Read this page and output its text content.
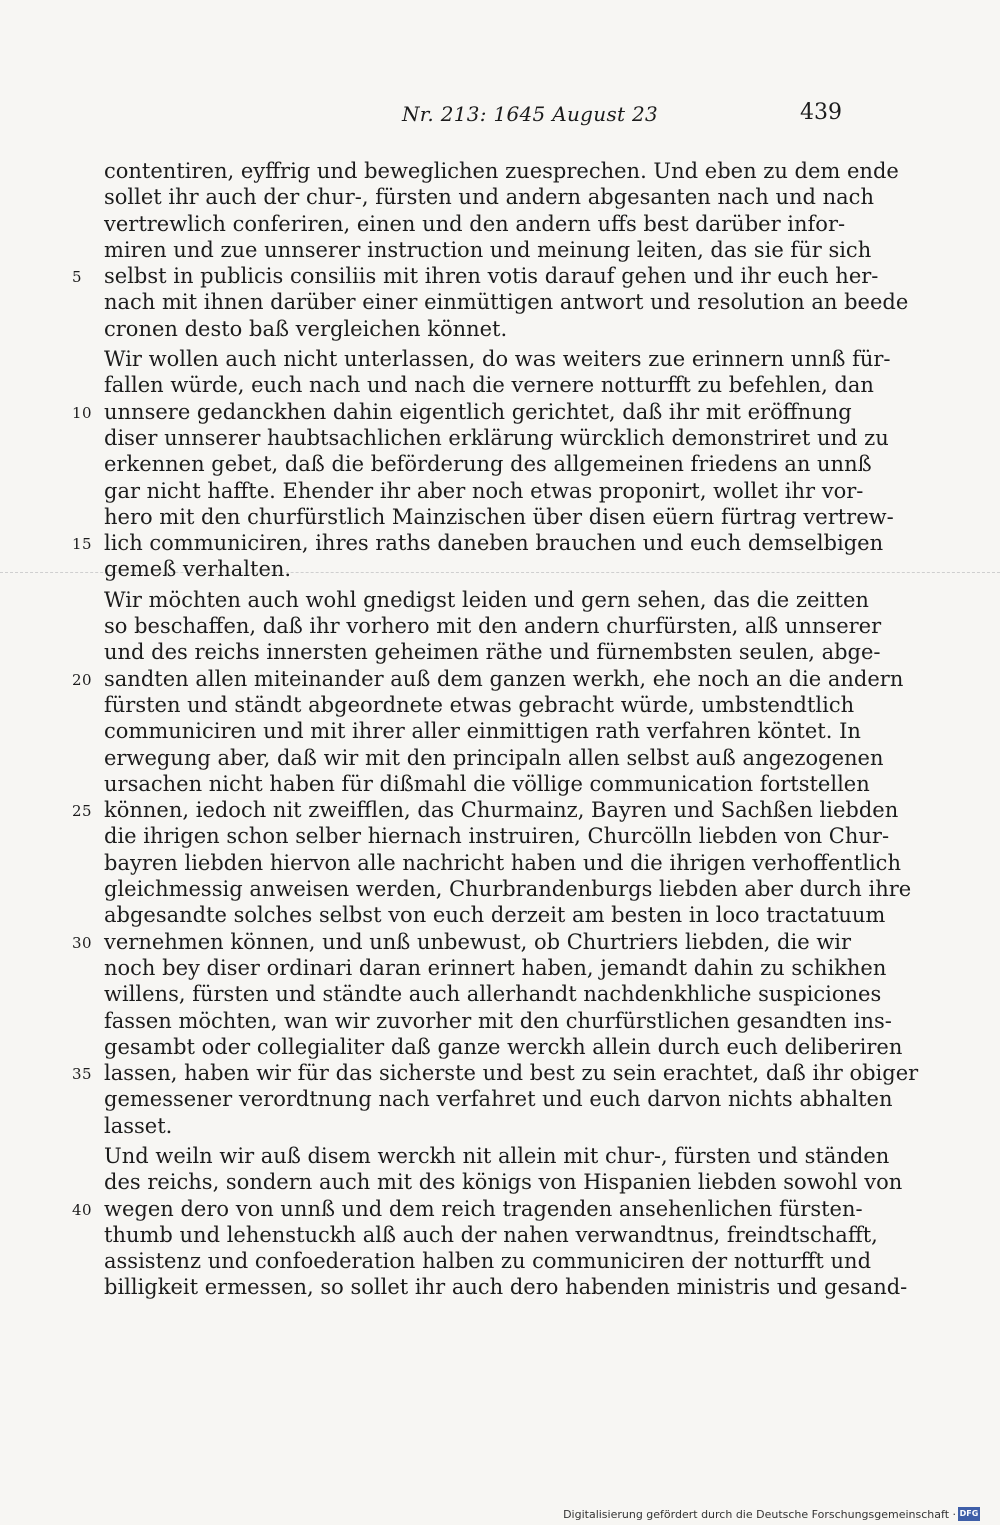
Nr. 213: 1645 August 23	439
contentiren, eyffrig und beweglichen zuesprechen. Und eben zu dem ende
sollet ihr auch der chur-, fürsten und andern abgesanten nach und nach
vertrewlich conferiren, einen und den andern uffs best darüber infor-
miren und zue unnserer instruction und meinung leiten, das sie für sich
5	selbst in publicis consiliis mit ihren votis darauf gehen und ihr euch her-
nach mit ihnen darüber einer einmüttigen antwort und resolution an beede
cronen desto baß vergleichen könnet.
Wir wollen auch nicht unterlassen, do was weiters zue erinnern unnß für-
fallen würde, euch nach und nach die vernere notturfft zu befehlen, dan
10 unnsere gedanckhen dahin eigentlich gerichtet, daß ihr mit eröffnung
diser unnserer haubtsachlichen erklärung würcklich demonstriret und zu
erkennen gebet, daß die beförderung des allgemeinen friedens an unnß
gar nicht haffte. Ehender ihr aber noch etwas proponirt, wollet ihr vor-
hero mit den churfürstlich Mainzischen über disen eüern fürtrag vertrew-
15 lich communiciren, ihres raths daneben brauchen und euch demselbigen
gemeß verhalten.
Wir möchten auch wohl gnedigst leiden und gern sehen, das die zeitten
so beschaffen, daß ihr vorhero mit den andern churfürsten, alß unnserer
und des reichs innersten geheimen räthe und fürnembsten seulen, abge-
20 sandten allen miteinander auß dem ganzen werkh, ehe noch an die andern
fürsten und ständt abgeordnete etwas gebracht würde, umbstendtlich
communiciren und mit ihrer aller einmittigen rath verfahren köntet. In
erwegung aber, daß wir mit den principaln allen selbst auß angezogenen
ursachen nicht haben für dißmahl die völlige communication fortstellen
25 können, iedoch nit zweifflen, das Churmainz, Bayren und Sachßen liebden
die ihrigen schon selber hiernach instruiren, Churcölln liebden von Chur-
bayren liebden hiervon alle nachricht haben und die ihrigen verhoffentlich
gleichmessig anweisen werden, Churbrandenburgs liebden aber durch ihre
abgesandte solches selbst von euch derzeit am besten in loco tractatuum
30 vernehmen können, und unß unbewust, ob Churtriers liebden, die wir
noch bey diser ordinari daran erinnert haben, jemandt dahin zu schikhen
willens, fürsten und ständte auch allerhandt nachdenkhliche suspiciones
fassen möchten, wan wir zuvorher mit den churfürstlichen gesandten ins-
gesambt oder collegialiter daß ganze werckh allein durch euch deliberiren
35 lassen, haben wir für das sicherste und best zu sein erachtet, daß ihr obiger
gemessener verordtnung nach verfahret und euch darvon nichts abhalten
lasset.
Und weiln wir auß disem werckh nit allein mit chur-, fürsten und ständen
des reichs, sondern auch mit des königs von Hispanien liebden sowohl von
40 wegen dero von unnß und dem reich tragenden ansehenlichen fürsten-
thumb und lehenstuckh alß auch der nahen verwandtnus, freindtschafft,
assistenz und confoederation halben zu communiciren der notturfft und
billigkeit ermessen, so sollet ihr auch dero habenden ministris und gesand-
Digitalisierung gefördert durch die Deutsche Forschungsgemeinschaft · DFG
